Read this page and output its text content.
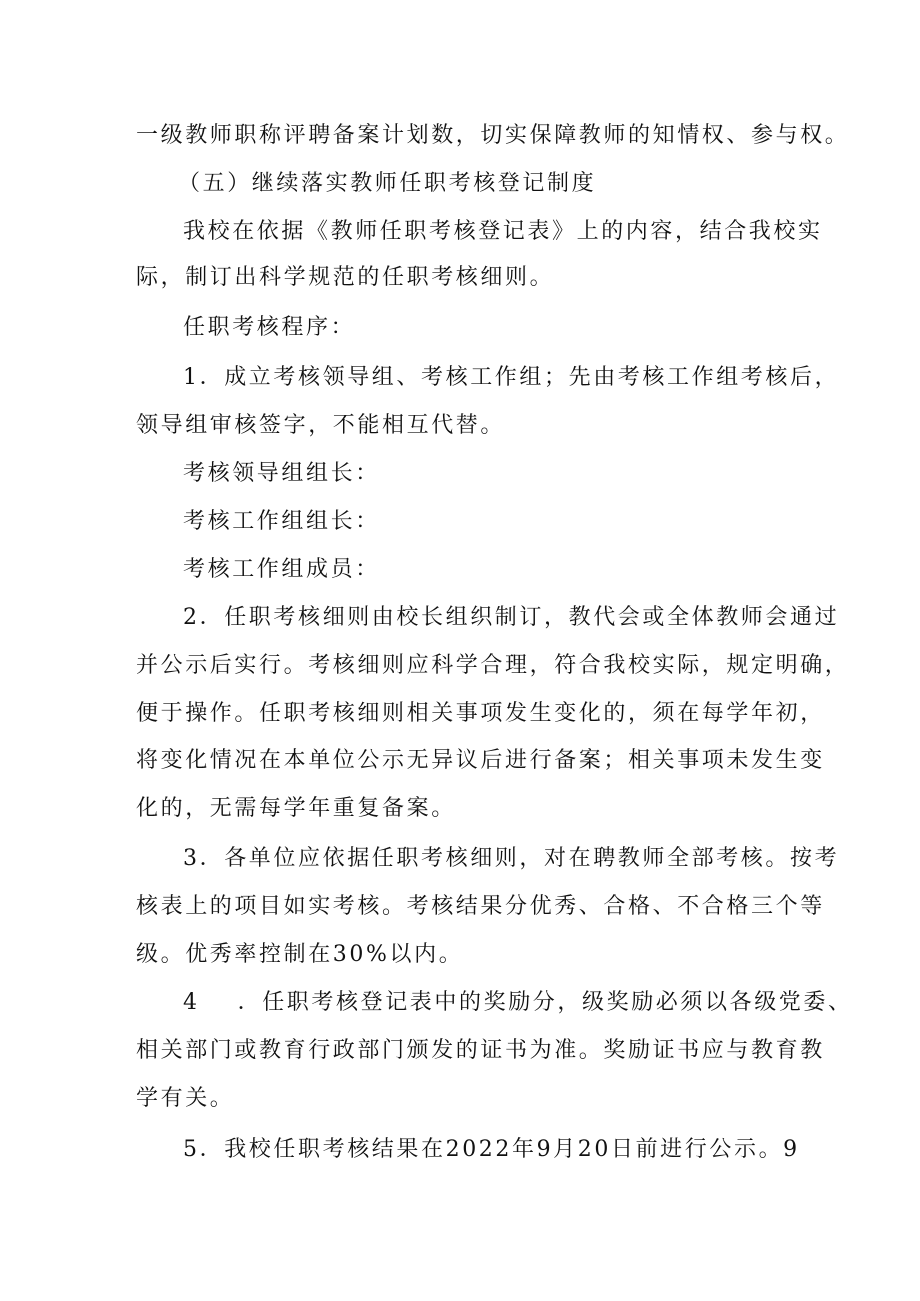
一级教师职称评聘备案计划数，切实保障教师的知情权、参与权。
（五）继续落实教师任职考核登记制度
我校在依据《教师任职考核登记表》上的内容，结合我校实
际，制订出科学规范的任职考核细则。
任职考核程序：
1．成立考核领导组、考核工作组；先由考核工作组考核后，
领导组审核签字，不能相互代替。
考核领导组组长：
考核工作组组长：
考核工作组成员：
2．任职考核细则由校长组织制订，教代会或全体教师会通过
并公示后实行。考核细则应科学合理，符合我校实际，规定明确，
便于操作。任职考核细则相关事项发生变化的，须在每学年初，
将变化情况在本单位公示无异议后进行备案；相关事项未发生变
化的，无需每学年重复备案。
3．各单位应依据任职考核细则，对在聘教师全部考核。按考
核表上的项目如实考核。考核结果分优秀、合格、不合格三个等
级。优秀率控制在30%以内。
4 ．任职考核登记表中的奖励分，级奖励必须以各级党委、
相关部门或教育行政部门颁发的证书为准。奖励证书应与教育教
学有关。
5．我校任职考核结果在2022年9月20日前进行公示。9
